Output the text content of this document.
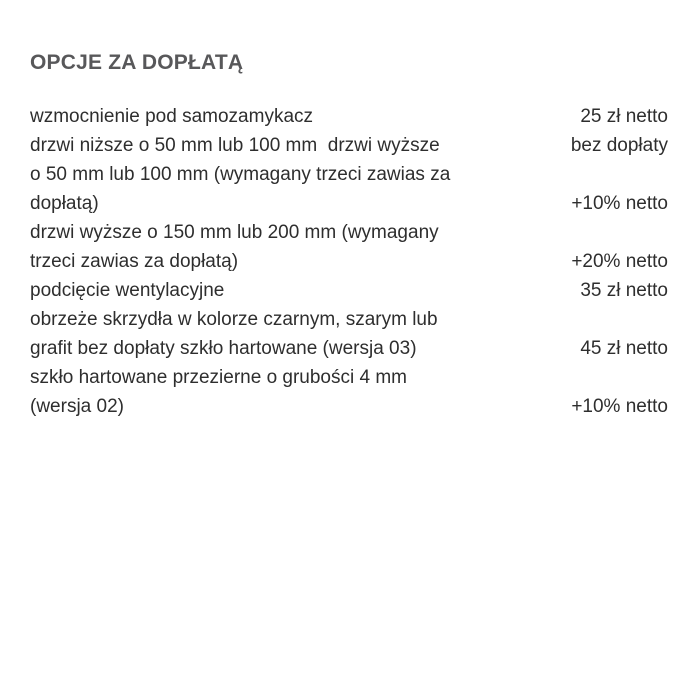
OPCJE ZA DOPŁATĄ
wzmocnienie pod samozamykacz	25 zł netto
drzwi niższe o 50 mm lub 100 mm  drzwi wyższe	bez dopłaty
o 50 mm lub 100 mm (wymagany trzeci zawias za
dopłatą)	+10% netto
drzwi wyższe o 150 mm lub 200 mm (wymagany
trzeci zawias za dopłatą)	+20% netto
podcięcie wentylacyjne	35 zł netto
obrzeże skrzydła w kolorze czarnym, szarym lub
grafit bez dopłaty szkło hartowane (wersja 03)	45 zł netto
szkło hartowane przezierne o grubości 4 mm
(wersja 02)	+10% netto
